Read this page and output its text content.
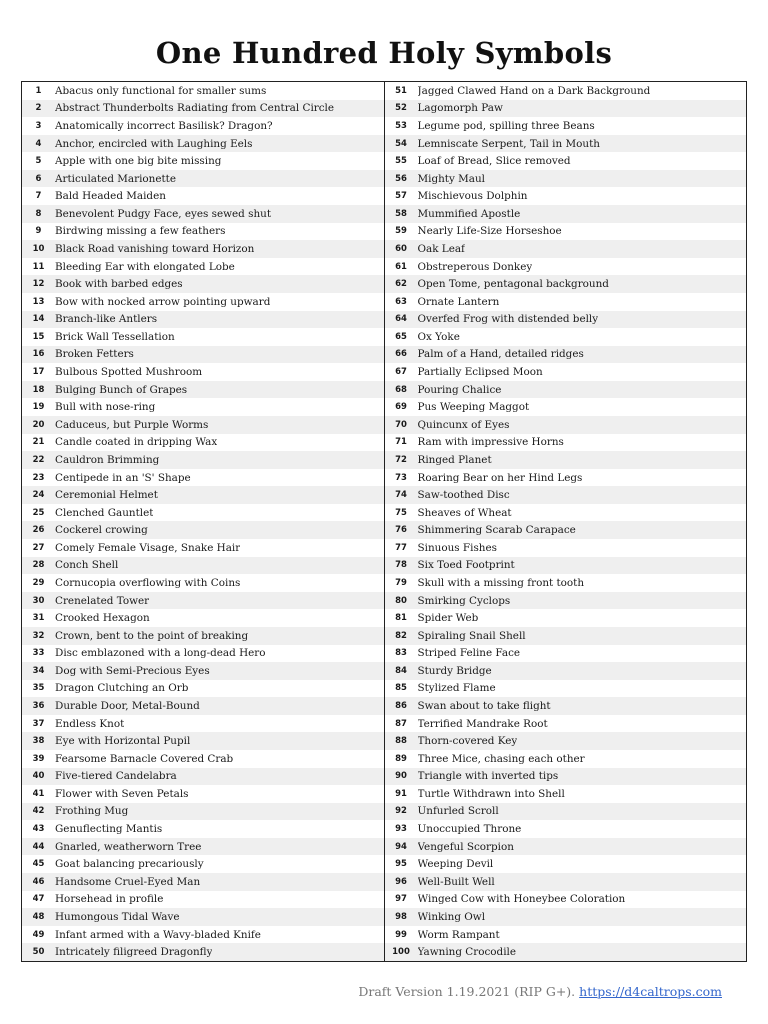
One Hundred Holy Symbols
1	Abacus only functional for smaller sums
2	Abstract Thunderbolts Radiating from Central Circle
3	Anatomically incorrect Basilisk? Dragon?
4	Anchor, encircled with Laughing Eels
5	Apple with one big bite missing
6	Articulated Marionette
7	Bald Headed Maiden
8	Benevolent Pudgy Face, eyes sewed shut
9	Birdwing missing a few feathers
10	Black Road vanishing toward Horizon
11	Bleeding Ear with elongated Lobe
12	Book with barbed edges
13	Bow with nocked arrow pointing upward
14	Branch-like Antlers
15	Brick Wall Tessellation
16	Broken Fetters
17	Bulbous Spotted Mushroom
18	Bulging Bunch of Grapes
19	Bull with nose-ring
20	Caduceus, but Purple Worms
21	Candle coated in dripping Wax
22	Cauldron Brimming
23	Centipede in an 'S' Shape
24	Ceremonial Helmet
25	Clenched Gauntlet
26	Cockerel crowing
27	Comely Female Visage, Snake Hair
28	Conch Shell
29	Cornucopia overflowing with Coins
30	Crenelated Tower
31	Crooked Hexagon
32	Crown, bent to the point of breaking
33	Disc emblazoned with a long-dead Hero
34	Dog with Semi-Precious Eyes
35	Dragon Clutching an Orb
36	Durable Door, Metal-Bound
37	Endless Knot
38	Eye with Horizontal Pupil
39	Fearsome Barnacle Covered Crab
40	Five-tiered Candelabra
41	Flower with Seven Petals
42	Frothing Mug
43	Genuflecting Mantis
44	Gnarled, weatherworn Tree
45	Goat balancing precariously
46	Handsome Cruel-Eyed Man
47	Horsehead in profile
48	Humongous Tidal Wave
49	Infant armed with a Wavy-bladed Knife
50	Intricately filigreed Dragonfly
51	Jagged Clawed Hand on a Dark Background
52	Lagomorph Paw
53	Legume pod, spilling three Beans
54	Lemniscate Serpent, Tail in Mouth
55	Loaf of Bread, Slice removed
56	Mighty Maul
57	Mischievous Dolphin
58	Mummified Apostle
59	Nearly Life-Size Horseshoe
60	Oak Leaf
61	Obstreperous Donkey
62	Open Tome, pentagonal background
63	Ornate Lantern
64	Overfed Frog with distended belly
65	Ox Yoke
66	Palm of a Hand, detailed ridges
67	Partially Eclipsed Moon
68	Pouring Chalice
69	Pus Weeping Maggot
70	Quincunx of Eyes
71	Ram with impressive Horns
72	Ringed Planet
73	Roaring Bear on her Hind Legs
74	Saw-toothed Disc
75	Sheaves of Wheat
76	Shimmering Scarab Carapace
77	Sinuous Fishes
78	Six Toed Footprint
79	Skull with a missing front tooth
80	Smirking Cyclops
81	Spider Web
82	Spiraling Snail Shell
83	Striped Feline Face
84	Sturdy Bridge
85	Stylized Flame
86	Swan about to take flight
87	Terrified Mandrake Root
88	Thorn-covered Key
89	Three Mice, chasing each other
90	Triangle with inverted tips
91	Turtle Withdrawn into Shell
92	Unfurled Scroll
93	Unoccupied Throne
94	Vengeful Scorpion
95	Weeping Devil
96	Well-Built Well
97	Winged Cow with Honeybee Coloration
98	Winking Owl
99	Worm Rampant
100 Yawning Crocodile
Draft Version 1.19.2021 (RIP G+). https://d4caltrops.com
